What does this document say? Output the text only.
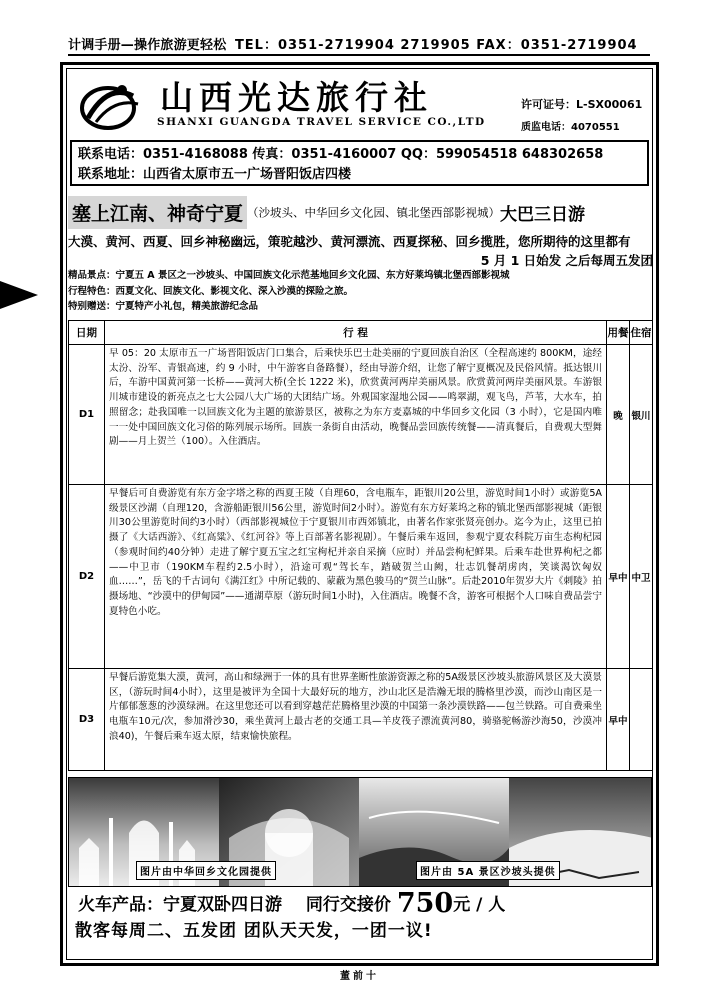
计调手册—操作旅游更轻松 TEL：0351-2719904 2719905 FAX：0351-2719904
山西光达旅行社
SHANXI GUANGDA TRAVEL SERVICE CO.,LTD
许可证号：L-SX00061
质监电话：4070551
联系电话：0351-4168088 传真：0351-4160007 QQ：599054518 648302658
联系地址：山西省太原市五一广场晋阳饭店四楼
塞上江南、神奇宁夏 （沙坡头、中华回乡文化园、镇北堡西部影视城）大巴三日游
大漠、黄河、西夏、回乡神秘幽远，策驼越沙、黄河漂流、西夏探秘、回乡揽胜，您所期待的这里都有
5 月 1 日始发 之后每周五发团
精品景点：宁夏五 A 景区之一沙坡头、中国回族文化示范基地回乡文化园、东方好莱坞镇北堡西部影视城
行程特色：西夏文化、回族文化、影视文化、深入沙漠的探险之旅。
特别赠送：宁夏特产小礼包，精美旅游纪念品
日期	行 程	用餐	住宿
D1	早 05：20 太原市五一广场晋阳饭店门口集合，后乘快乐巴士赴美丽的宁夏回族自治区（全程高速约 800KM，途经太汾、汾军、青银高速，约 9 小时，中午游客自备路餐），经由导游介绍，让您了解宁夏概况及民俗风情。抵达银川后，车游中国黄河第一长桥——黄河大桥(全长 1222 米)，欣赏黄河两岸美丽风景。欣赏黄河两岸美丽风景。车游银川城市建设的新亮点之七大公园八大广场的大团结广场。外观国家湿地公园——鸣翠湖，观飞鸟，芦苇，大水车，拍照留念；赴我国唯一以回族文化为主题的旅游景区，被称之为东方麦嘉城的中华回乡文化园（3 小时），它是国内唯一一处中国回族文化习俗的陈列展示场所。回族一条街自由活动，晚餐品尝回族传统餐——清真餐后，自费观大型舞剧——月上贺兰（100）。入住酒店。	晚	银川
D2	早餐后可自费游览有东方金字塔之称的西夏王陵（自理60，含电瓶车，距银川20公里，游览时间1小时）或游览5A级景区沙湖（自理120，含游船距银川56公里，游览时间2小时）。游览有东方好莱坞之称的镇北堡西部影视城（距银川30公里游览时间约3小时）（西部影视城位于宁夏银川市西郊镇北，由著名作家张贤亮创办。迄今为止，这里已拍摄了《大话西游》、《红高粱》、《红河谷》等上百部著名影视剧）。午餐后乘车返回，参观宁夏农科院万亩生态枸杞园（参观时间约40分钟）走进了解宁夏五宝之红宝枸杞并亲自采摘（应时）并品尝枸杞鲜果。后乘车赴世界枸杞之都——中卫市（190KM车程约2.5小时），沿途可观“驾长车，踏破贺兰山阙，壮志饥餐胡虏肉，笑谈渴饮匈奴血……”，岳飞的千古词句《满江红》中所记载的、蒙蔽为黑色骏马的“贺兰山脉”。后赴2010年贺岁大片《刺陵》拍摄场地、“沙漠中的伊甸园”——通湖草原（游玩时间1小时)，入住酒店。晚餐不含，游客可根据个人口味自费品尝宁夏特色小吃。	早中	中卫
D3	早餐后游览集大漠，黄河，高山和绿洲于一体的具有世界垄断性旅游资源之称的5A级景区沙坡头旅游风景区及大漠景区，（游玩时间4小时），这里是被评为全国十大最好玩的地方，沙山北区是浩瀚无垠的腾格里沙漠，而沙山南区是一片郁郁葱葱的沙漠绿洲。在这里您还可以看到穿越茫茫腾格里沙漠的中国第一条沙漠铁路——包兰铁路。可自费乘坐电瓶车10元/次，参加滑沙30，乘坐黄河上最古老的交通工具—羊皮筏子漂流黄河80，骑骆驼畅游沙海50，沙漠冲浪40)，午餐后乘车返太原，结束愉快旅程。	早中	
图片由中华回乡文化园提供	图片由 5A 景区沙坡头提供
火车产品：宁夏双卧四日游 同行交接价 750元 / 人
散客每周二、五发团 团队天天发，一团一议!
董前十
